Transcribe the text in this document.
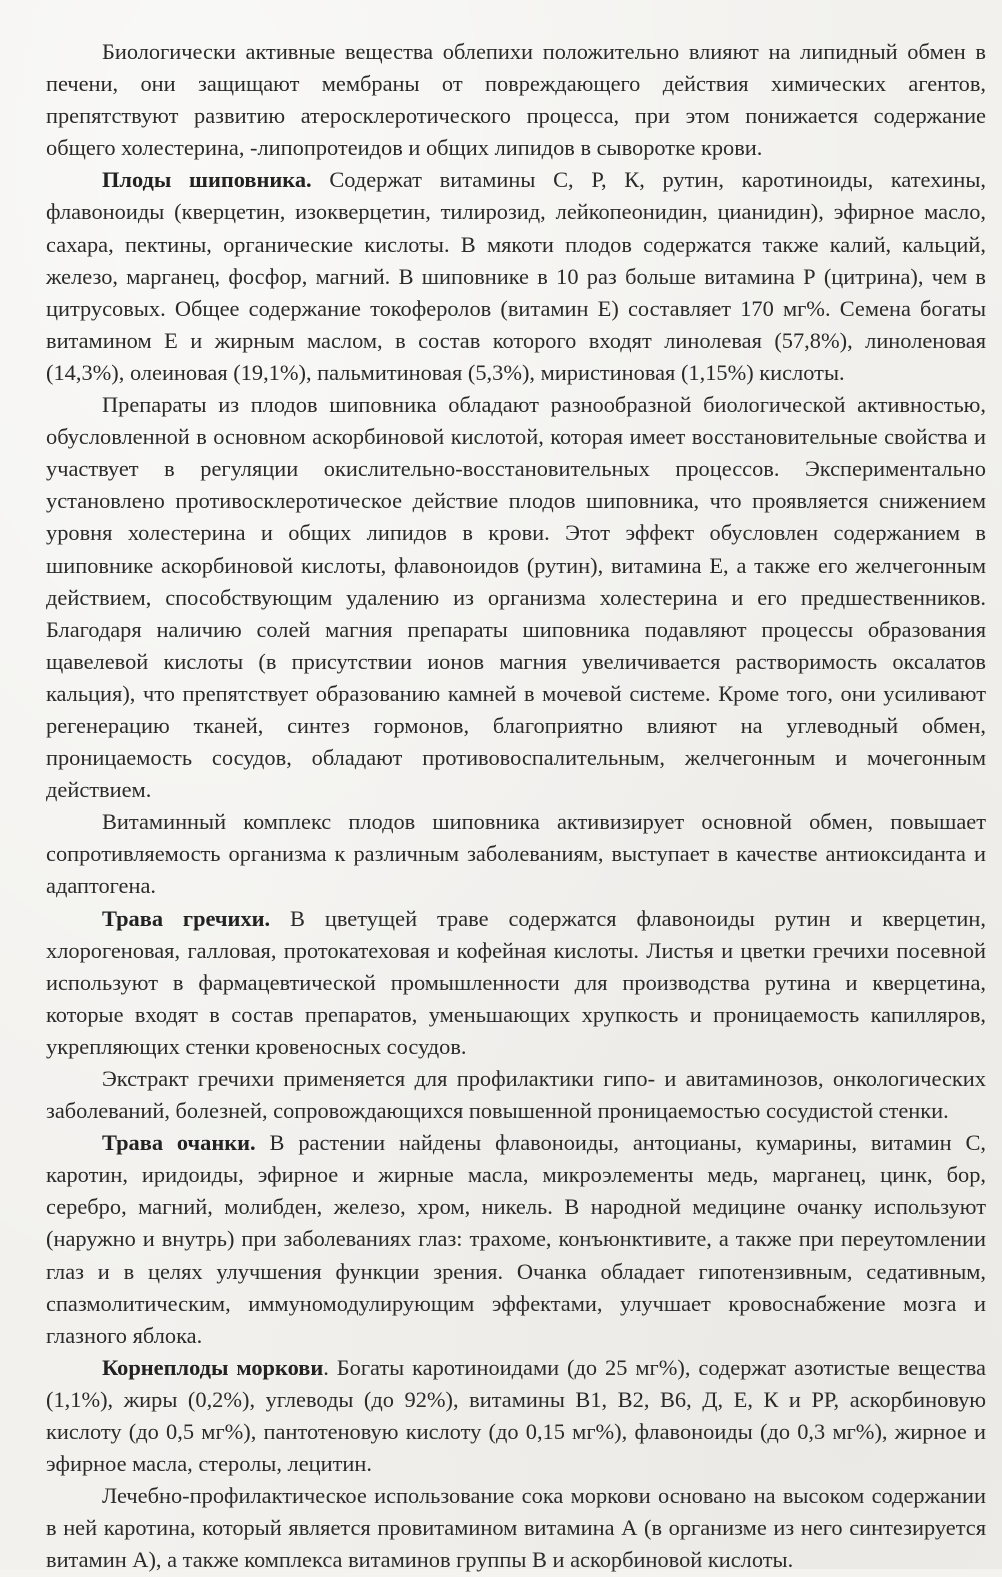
Биологически активные вещества облепихи положительно влияют на липидный обмен в печени, они защищают мембраны от повреждающего действия химических агентов, препятствуют развитию атеросклеротического процесса, при этом понижается содержание общего холестерина, -липопротеидов и общих липидов в сыворотке крови.

Плоды шиповника. Содержат витамины С, Р, К, рутин, каротиноиды, катехины, флавоноиды (кверцетин, изокверцетин, тилирозид, лейкопеонидин, цианидин), эфирное масло, сахара, пектины, органические кислоты. В мякоти плодов содержатся также калий, кальций, железо, марганец, фосфор, магний. В шиповнике в 10 раз больше витамина Р (цитрина), чем в цитрусовых. Общее содержание токоферолов (витамин Е) составляет 170 мг%. Семена богаты витамином Е и жирным маслом, в состав которого входят линолевая (57,8%), линоленовая (14,3%), олеиновая (19,1%), пальмитиновая (5,3%), миристиновая (1,15%) кислоты.

Препараты из плодов шиповника обладают разнообразной биологической активностью, обусловленной в основном аскорбиновой кислотой, которая имеет восстановительные свойства и участвует в регуляции окислительно-восстановительных процессов. Экспериментально установлено противосклеротическое действие плодов шиповника, что проявляется снижением уровня холестерина и общих липидов в крови. Этот эффект обусловлен содержанием в шиповнике аскорбиновой кислоты, флавоноидов (рутин), витамина Е, а также его желчегонным действием, способствующим удалению из организма холестерина и его предшественников. Благодаря наличию солей магния препараты шиповника подавляют процессы образования щавелевой кислоты (в присутствии ионов магния увеличивается растворимость оксалатов кальция), что препятствует образованию камней в мочевой системе. Кроме того, они усиливают регенерацию тканей, синтез гормонов, благоприятно влияют на углеводный обмен, проницаемость сосудов, обладают противовоспалительным, желчегонным и мочегонным действием.

Витаминный комплекс плодов шиповника активизирует основной обмен, повышает сопротивляемость организма к различным заболеваниям, выступает в качестве антиоксиданта и адаптогена.

Трава гречихи. В цветущей траве содержатся флавоноиды рутин и кверцетин, хлорогеновая, галловая, протокатеховая и кофейная кислоты. Листья и цветки гречихи посевной используют в фармацевтической промышленности для производства рутина и кверцетина, которые входят в состав препаратов, уменьшающих хрупкость и проницаемость капилляров, укрепляющих стенки кровеносных сосудов.

Экстракт гречихи применяется для профилактики гипо- и авитаминозов, онкологических заболеваний, болезней, сопровождающихся повышенной проницаемостью сосудистой стенки.

Трава очанки. В растении найдены флавоноиды, антоцианы, кумарины, витамин С, каротин, иридоиды, эфирное и жирные масла, микроэлементы медь, марганец, цинк, бор, серебро, магний, молибден, железо, хром, никель. В народной медицине очанку используют (наружно и внутрь) при заболеваниях глаз: трахоме, конъюнктивите, а также при переутомлении глаз и в целях улучшения функции зрения. Очанка обладает гипотензивным, седативным, спазмолитическим, иммуномодулирующим эффектами, улучшает кровоснабжение мозга и глазного яблока.

Корнеплоды моркови. Богаты каротиноидами (до 25 мг%), содержат азотистые вещества (1,1%), жиры (0,2%), углеводы (до 92%), витамины В1, В2, В6, Д, Е, К и РР, аскорбиновую кислоту (до 0,5 мг%), пантотеновую кислоту (до 0,15 мг%), флавоноиды (до 0,3 мг%), жирное и эфирное масла, стеролы, лецитин.

Лечебно-профилактическое использование сока моркови основано на высоком содержании в ней каротина, который является провитамином витамина А (в организме из него синтезируется витамин А), а также комплекса витаминов группы В и аскорбиновой кислоты.
